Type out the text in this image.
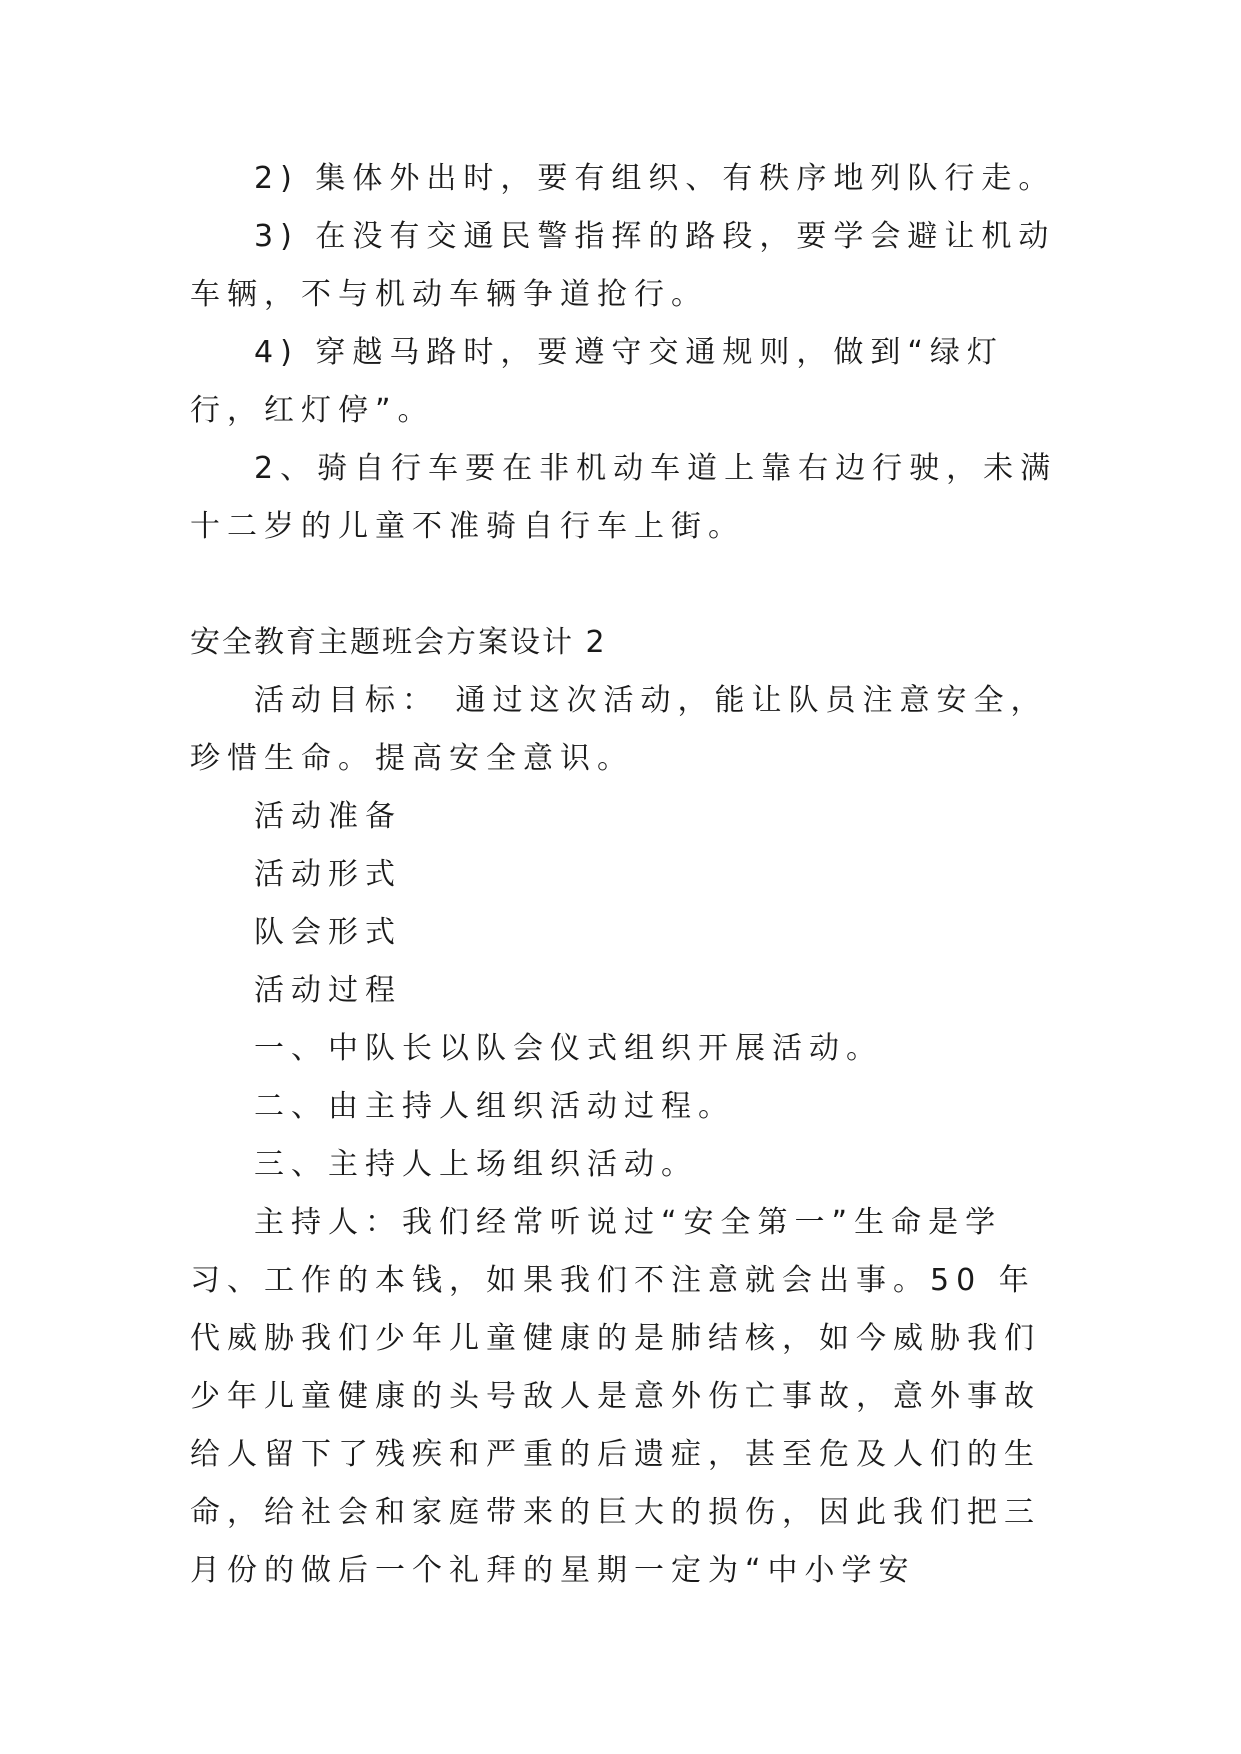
2) 集体外出时，要有组织、有秩序地列队行走。

3) 在没有交通民警指挥的路段，要学会避让机动车辆，不与机动车辆争道抢行。

4) 穿越马路时，要遵守交通规则，做到“绿灯行，红灯停”。

2、骑自行车要在非机动车道上靠右边行驶，未满十二岁的儿童不准骑自行车上街。

安全教育主题班会方案设计 2

活动目标： 通过这次活动，能让队员注意安全，珍惜生命。提高安全意识。

活动准备

活动形式

队会形式

活动过程

一、中队长以队会仪式组织开展活动。

二、由主持人组织活动过程。

三、主持人上场组织活动。

主持人：我们经常听说过“安全第一”生命是学习、工作的本钱，如果我们不注意就会出事。50 年代威胁我们少年儿童健康的是肺结核，如今威胁我们少年儿童健康的头号敌人是意外伤亡事故，意外事故给人留下了残疾和严重的后遗症，甚至危及人们的生命，给社会和家庭带来的巨大的损伤，因此我们把三月份的做后一个礼拜的星期一定为“中小学安
